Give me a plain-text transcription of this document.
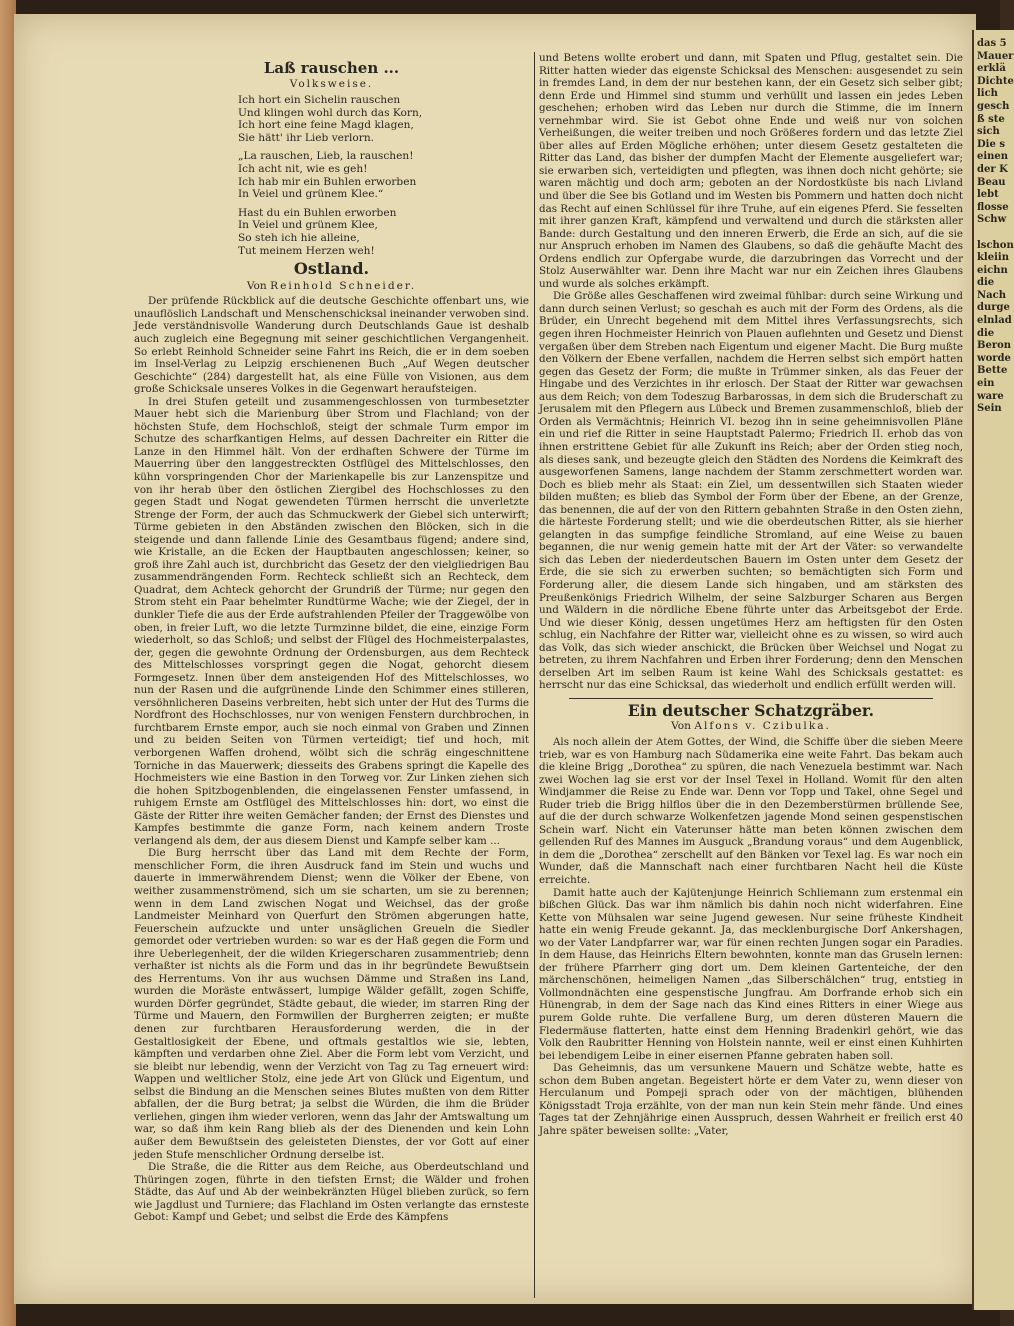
Laß rauschen ...
Volksweise.
Ich hort ein Sichelin rauschen
Und klingen wohl durch das Korn,
Ich hort eine feine Magd klagen,
Sie hätt' ihr Lieb verlorn.
„La rauschen, Lieb, la rauschen!
Ich acht nit, wie es geh!
Ich hab mir ein Buhlen erworben
In Veiel und grünem Klee.“
Hast du ein Buhlen erworben
In Veiel und grünem Klee,
So steh ich hie alleine,
Tut meinem Herzen weh!
Ostland.
Von Reinhold Schneider.

Der prüfende Rückblick auf die deutsche Geschichte offenbart uns, wie unauflöslich Landschaft und Menschenschicksal ineinander verwoben sind. Jede verständnisvolle Wanderung durch Deutschlands Gaue ist deshalb auch zugleich eine Begegnung mit seiner geschichtlichen Vergangenheit. So erlebt Reinhold Schneider seine Fahrt ins Reich, die er in dem soeben im Insel-Verlag zu Leipzig erschienenen Buch „Auf Wegen deutscher Geschichte“ (284) dargestellt hat, als eine Fülle von Visionen, aus dem große Schicksale unseres Volkes in die Gegenwart heraufsteigen.

In drei Stufen geteilt und zusammengeschlossen von turmbesetzter Mauer hebt sich die Marienburg über Strom und Flachland; von der höchsten Stufe, dem Hochschloß, steigt der schmale Turm empor im Schutze des scharfkantigen Helms, auf dessen Dachreiter ein Ritter die Lanze in den Himmel hält. Von der erdhaften Schwere der Türme im Mauerring über den langgestreckten Ostflügel des Mittelschlosses, den kühn vorspringenden Chor der Marienkapelle bis zur Lanzenspitze und von ihr herab über den östlichen Ziergibel des Hochschlosses zu den gegen Stadt und Nogat gewendeten Türmen herrscht die unverletzte Strenge der Form, der auch das Schmuckwerk der Giebel sich unterwirft; Türme gebieten in den Abständen zwischen den Blöcken, sich in die steigende und dann fallende Linie des Gesamtbaus fügend; andere sind, wie Kristalle, an die Ecken der Hauptbauten angeschlossen; keiner, so groß ihre Zahl auch ist, durchbricht das Gesetz der den vielgliedrigen Bau zusammendrängenden Form. Rechteck schließt sich an Rechteck, dem Quadrat, dem Achteck gehorcht der Grundriß der Türme; nur gegen den Strom steht ein Paar behelmter Rundtürme Wache; wie der Ziegel, der in dunkler Tiefe die aus der Erde aufstrahlenden Pfeiler der Traggewölbe von oben, in freier Luft, wo die letzte Turmzinne bildet, die eine, einzige Form wiederholt, so das Schloß; und selbst der Flügel des Hochmeisterpalastes, der, gegen die gewohnte Ordnung der Ordensburgen, aus dem Rechteck des Mittelschlosses vorspringt gegen die Nogat, gehorcht diesem Formgesetz. Innen über dem ansteigenden Hof des Mittelschlosses, wo nun der Rasen und die aufgrünende Linde den Schimmer eines stilleren, versöhnlicheren Daseins verbreiten, hebt sich unter der Hut des Turms die Nordfront des Hochschlosses, nur von wenigen Fenstern durchbrochen, in furchtbarem Ernste empor, auch sie noch einmal von Graben und Zinnen und zu beiden Seiten von Türmen verteidigt; tief und hoch, mit verborgenen Waffen drohend, wölbt sich die schräg eingeschnittene Torniche in das Mauerwerk; diesseits des Grabens springt die Kapelle des Hochmeisters wie eine Bastion in den Torweg vor. Zur Linken ziehen sich die hohen Spitzbogenblenden, die eingelassenen Fenster umfassend, in ruhigem Ernste am Ostflügel des Mittelschlosses hin: dort, wo einst die Gäste der Ritter ihre weiten Gemächer fanden; der Ernst des Dienstes und Kampfes bestimmte die ganze Form, nach keinem andern Troste verlangend als dem, der aus diesem Dienst und Kampfe selber kam ...

Die Burg herrscht über das Land mit dem Rechte der Form, menschlicher Form, die ihren Ausdruck fand im Stein und wuchs und dauerte in immerwährendem Dienst; wenn die Völker der Ebene, von weither zusammenströmend, sich um sie scharten, um sie zu berennen; wenn in dem Land zwischen Nogat und Weichsel, das der große Landmeister Meinhard von Querfurt den Strömen abgerungen hatte, Feuerschein aufzuckte und unter unsäglichen Greueln die Siedler gemordet oder vertrieben wurden: so war es der Haß gegen die Form und ihre Ueberlegenheit, der die wilden Kriegerscharen zusammentrieb; denn verhaßter ist nichts als die Form und das in ihr begründete Bewußtsein des Herrentums. Von ihr aus wuchsen Dämme und Straßen ins Land, wurden die Moräste entwässert, lumpige Wälder gefällt, zogen Schiffe, wurden Dörfer gegründet, Städte gebaut, die wieder, im starren Ring der Türme und Mauern, den Formwillen der Burgherren zeigten; er mußte denen zur furchtbaren Herausforderung werden, die in der Gestaltlosigkeit der Ebene, und oftmals gestaltlos wie sie, lebten, kämpften und verdarben ohne Ziel. Aber die Form lebt vom Verzicht, und sie bleibt nur lebendig, wenn der Verzicht von Tag zu Tag erneuert wird: Wappen und weltlicher Stolz, eine jede Art von Glück und Eigentum, und selbst die Bindung an die Menschen seines Blutes mußten von dem Ritter abfallen, der die Burg betrat; ja selbst die Würden, die ihm die Brüder verliehen, gingen ihm wieder verloren, wenn das Jahr der Amtswaltung um war, so daß ihm kein Rang blieb als der des Dienenden und kein Lohn außer dem Bewußtsein des geleisteten Dienstes, der vor Gott auf einer jeden Stufe menschlicher Ordnung derselbe ist.

Die Straße, die die Ritter aus dem Reiche, aus Oberdeutschland und Thüringen zogen, führte in den tiefsten Ernst; die Wälder und frohen Städte, das Auf und Ab der weinbekränzten Hügel blieben zurück, so fern wie Jagdlust und Turniere; das Flachland im Osten verlangte das ernsteste Gebot: Kampf und Gebet; und selbst die Erde des Kämpfens

und Betens wollte erobert und dann, mit Spaten und Pflug, gestaltet sein. Die Ritter hatten wieder das eigenste Schicksal des Menschen: ausgesendet zu sein in fremdes Land, in dem der nur bestehen kann, der ein Gesetz sich selber gibt; denn Erde und Himmel sind stumm und verhüllt und lassen ein jedes Leben geschehen; erhoben wird das Leben nur durch die Stimme, die im Innern vernehmbar wird. Sie ist Gebot ohne Ende und weiß nur von solchen Verheißungen, die weiter treiben und noch Größeres fordern und das letzte Ziel über alles auf Erden Mögliche erhöhen; unter diesem Gesetz gestalteten die Ritter das Land, das bisher der dumpfen Macht der Elemente ausgeliefert war; sie erwarben sich, verteidigten und pflegten, was ihnen doch nicht gehörte; sie waren mächtig und doch arm; geboten an der Nordostküste bis nach Livland und über die See bis Gotland und im Westen bis Pommern und hatten doch nicht das Recht auf einen Schlüssel für ihre Truhe, auf ein eigenes Pferd. Sie fesselten mit ihrer ganzen Kraft, kämpfend und verwaltend und durch die stärksten aller Bande: durch Gestaltung und den inneren Erwerb, die Erde an sich, auf die sie nur Anspruch erhoben im Namen des Glaubens, so daß die gehäufte Macht des Ordens endlich zur Opfergabe wurde, die darzubringen das Vorrecht und der Stolz Auserwählter war. Denn ihre Macht war nur ein Zeichen ihres Glaubens und wurde als solches erkämpft.

Die Größe alles Geschaffenen wird zweimal fühlbar: durch seine Wirkung und dann durch seinen Verlust; so geschah es auch mit der Form des Ordens, als die Brüder, ein Unrecht begehend mit dem Mittel ihres Verfassungsrechts, sich gegen ihren Hochmeister Heinrich von Plauen auflehnten und Gesetz und Dienst vergaßen über dem Streben nach Eigentum und eigener Macht. Die Burg mußte den Völkern der Ebene verfallen, nachdem die Herren selbst sich empört hatten gegen das Gesetz der Form; die mußte in Trümmer sinken, als das Feuer der Hingabe und des Verzichtes in ihr erlosch. Der Staat der Ritter war gewachsen aus dem Reich; von dem Todeszug Barbarossas, in dem sich die Bruderschaft zu Jerusalem mit den Pflegern aus Lübeck und Bremen zusammenschloß, blieb der Orden als Vermächtnis; Heinrich VI. bezog ihn in seine geheimnisvollen Pläne ein und rief die Ritter in seine Hauptstadt Palermo; Friedrich II. erhob das von ihnen erstrittene Gebiet für alle Zukunft ins Reich; aber der Orden stieg noch, als dieses sank, und bezeugte gleich den Städten des Nordens die Keimkraft des ausgeworfenen Samens, lange nachdem der Stamm zerschmettert worden war. Doch es blieb mehr als Staat: ein Ziel, um dessentwillen sich Staaten wieder bilden mußten; es blieb das Symbol der Form über der Ebene, an der Grenze, das benennen, die auf der von den Rittern gebahnten Straße in den Osten ziehn, die härteste Forderung stellt; und wie die oberdeutschen Ritter, als sie hierher gelangten in das sumpfige feindliche Stromland, auf eine Weise zu bauen begannen, die nur wenig gemein hatte mit der Art der Väter: so verwandelte sich das Leben der niederdeutschen Bauern im Osten unter dem Gesetz der Erde, die sie sich zu erwerben suchten; so bemächtigten sich Form und Forderung aller, die diesem Lande sich hingaben, und am stärksten des Preußenkönigs Friedrich Wilhelm, der seine Salzburger Scharen aus Bergen und Wäldern in die nördliche Ebene führte unter das Arbeitsgebot der Erde. Und wie dieser König, dessen ungetümes Herz am heftigsten für den Osten schlug, ein Nachfahre der Ritter war, vielleicht ohne es zu wissen, so wird auch das Volk, das sich wieder anschickt, die Brücken über Weichsel und Nogat zu betreten, zu ihrem Nachfahren und Erben ihrer Forderung; denn den Menschen derselben Art im selben Raum ist keine Wahl des Schicksals gestattet: es herrscht nur das eine Schicksal, das wiederholt und endlich erfüllt werden will.

Ein deutscher Schatzgräber.
Von Alfons v. Czibulka.

Als noch allein der Atem Gottes, der Wind, die Schiffe über die sieben Meere trieb, war es von Hamburg nach Südamerika eine weite Fahrt. Das bekam auch die kleine Brigg „Dorothea“ zu spüren, die nach Venezuela bestimmt war. Nach zwei Wochen lag sie erst vor der Insel Texel in Holland. Womit für den alten Windjammer die Reise zu Ende war. Denn vor Topp und Takel, ohne Segel und Ruder trieb die Brigg hilflos über die in den Dezemberstürmen brüllende See, auf die der durch schwarze Wolkenfetzen jagende Mond seinen gespenstischen Schein warf. Nicht ein Vaterunser hätte man beten können zwischen dem gellenden Ruf des Mannes im Ausguck „Brandung voraus“ und dem Augenblick, in dem die „Dorothea“ zerschellt auf den Bänken vor Texel lag. Es war noch ein Wunder, daß die Mannschaft nach einer furchtbaren Nacht heil die Küste erreichte.

Damit hatte auch der Kajütenjunge Heinrich Schliemann zum erstenmal ein bißchen Glück. Das war ihm nämlich bis dahin noch nicht widerfahren. Eine Kette von Mühsalen war seine Jugend gewesen. Nur seine früheste Kindheit hatte ein wenig Freude gekannt. Ja, das mecklenburgische Dorf Ankershagen, wo der Vater Landpfarrer war, war für einen rechten Jungen sogar ein Paradies. In dem Hause, das Heinrichs Eltern bewohnten, konnte man das Gruseln lernen: der frühere Pfarrherr ging dort um. Dem kleinen Gartenteiche, der den märchenschönen, heimeligen Namen „das Silberschälchen“ trug, entstieg in Vollmondnächten eine gespenstische Jungfrau. Am Dorfrande erhob sich ein Hünengrab, in dem der Sage nach das Kind eines Ritters in einer Wiege aus purem Golde ruhte. Die verfallene Burg, um deren düsteren Mauern die Fledermäuse flatterten, hatte einst dem Henning Bradenkirl gehört, wie das Volk den Raubritter Henning von Holstein nannte, weil er einst einen Kuhhirten bei lebendigem Leibe in einer eisernen Pfanne gebraten haben soll.

Das Geheimnis, das um versunkene Mauern und Schätze webte, hatte es schon dem Buben angetan. Begeistert hörte er dem Vater zu, wenn dieser von Herculanum und Pompeji sprach oder von der mächtigen, blühenden Königsstadt Troja erzählte, von der man nun kein Stein mehr fände. Und eines Tages tat der Zehnjährige einen Ausspruch, dessen Wahrheit er freilich erst 40 Jahre später beweisen sollte: „Vater,

das 5
Mauer
erklä
Dichte
lich
gesch
ß ste
sich
Die s
einen
der K
Beau
lebt
flosse
Schw

lschon
kleiin
eichn
die
Nach
durge
elnlad
die
Beron
worde
Bette
ein
ware
Sein
